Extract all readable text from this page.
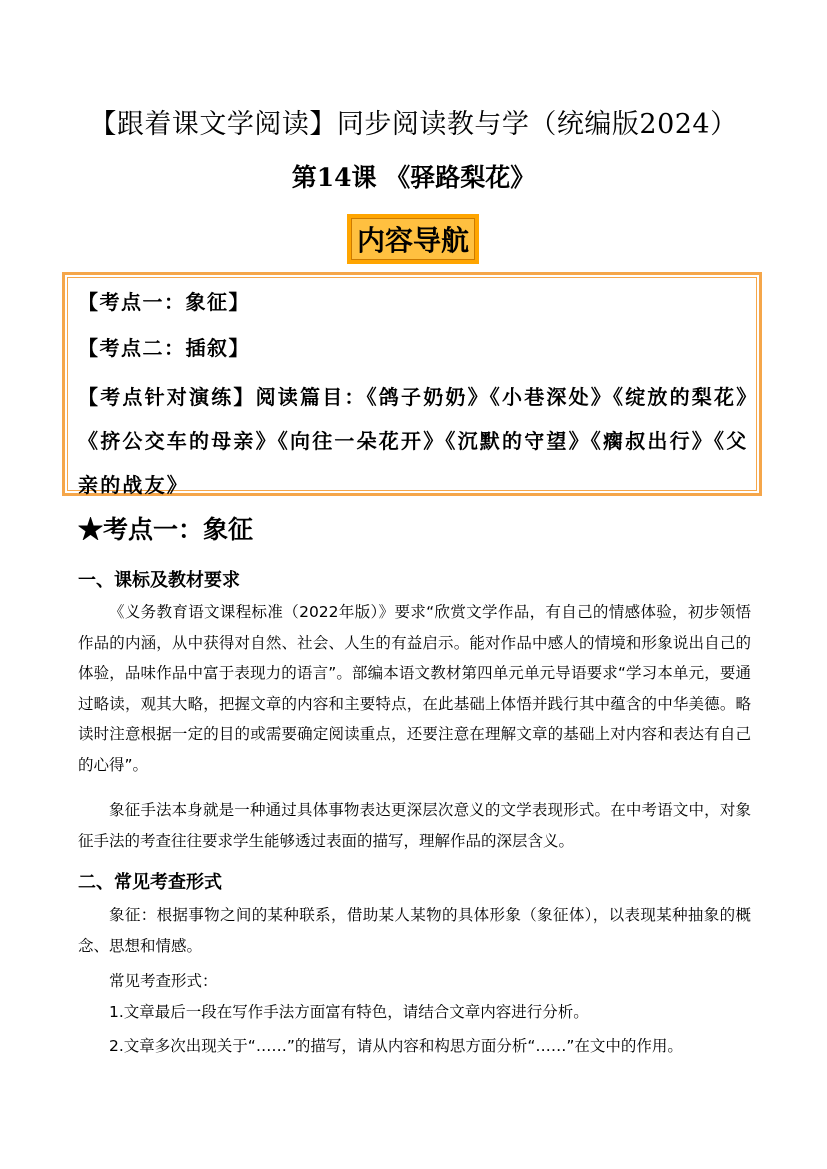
【跟着课文学阅读】同步阅读教与学（统编版2024）
第14课 《驿路梨花》
内容导航
【考点一：象征】
【考点二：插叙】
【考点针对演练】阅读篇目：《鸽子奶奶》《小巷深处》《绽放的梨花》《挤公交车的母亲》《向往一朵花开》《沉默的守望》《瘸叔出行》《父亲的战友》
★考点一：象征
一、课标及教材要求
《义务教育语文课程标准（2022年版）》要求“欣赏文学作品，有自己的情感体验，初步领悟作品的内涵，从中获得对自然、社会、人生的有益启示。能对作品中感人的情境和形象说出自己的体验，品味作品中富于表现力的语言”。部编本语文教材第四单元单元导语要求“学习本单元，要通过略读，观其大略，把握文章的内容和主要特点，在此基础上体悟并践行其中蕴含的中华美德。略读时注意根据一定的目的或需要确定阅读重点，还要注意在理解文章的基础上对内容和表达有自己的心得”。
象征手法本身就是一种通过具体事物表达更深层次意义的文学表现形式。在中考语文中，对象征手法的考查往往要求学生能够透过表面的描写，理解作品的深层含义。
二、常见考查形式
象征：根据事物之间的某种联系，借助某人某物的具体形象（象征体），以表现某种抽象的概念、思想和情感。
常见考查形式：
1.文章最后一段在写作手法方面富有特色，请结合文章内容进行分析。
2.文章多次出现关于“……”的描写，请从内容和构思方面分析“……”在文中的作用。
